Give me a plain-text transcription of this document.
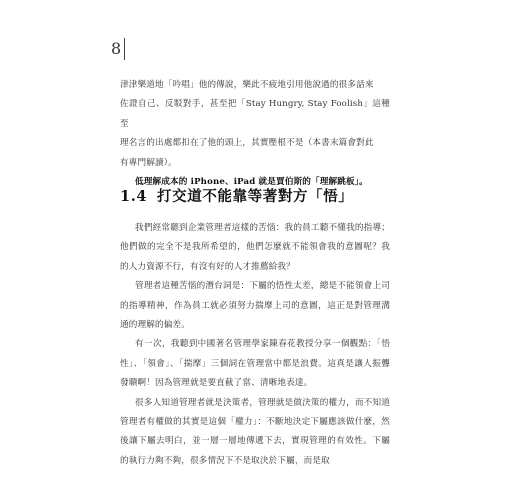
8

津津樂道地「吟唱」他的傳說，樂此不疲地引用他說過的很多話來

佐證自己、反駁對手，甚至把「Stay Hungry, Stay Foolish」這種至

理名言的出處都扣在了他的頭上，其實壓根不是（本書末篇會對此

有專門解讀）。

低理解成本的 iPhone、iPad 就是賈伯斯的「理解跳板」。

1.4 打交道不能靠等著對方「悟」

我們經常聽到企業管理者這樣的苦惱：我的員工聽不懂我的指導；他們做的完全不是我所希望的，他們怎麼就不能領會我的意圖呢？我的人力資源不行，有沒有好的人才推薦給我？

管理者這種苦惱的潛台詞是：下屬的悟性太差，總是不能領會上司的指導精神，作為員工就必須努力揣摩上司的意圖，這正是對管理溝通的理解的偏差。

有一次，我聽到中國著名管理學家陳春花教授分享一個觀點：「悟性」、「領會」、「揣摩」三個詞在管理當中都是浪費。這真是讓人振聾發聵啊！因為管理就是要直截了當、清晰地表達。

很多人知道管理者就是決策者，管理就是做決策的權力，而不知道管理者有權做的其實是這個「權力」：不斷地決定下屬應該做什麼，然後讓下屬去明白，並一層一層地傳遞下去，實現管理的有效性。下屬的執行力夠不夠，很多情況下不是取決於下屬，而是取
